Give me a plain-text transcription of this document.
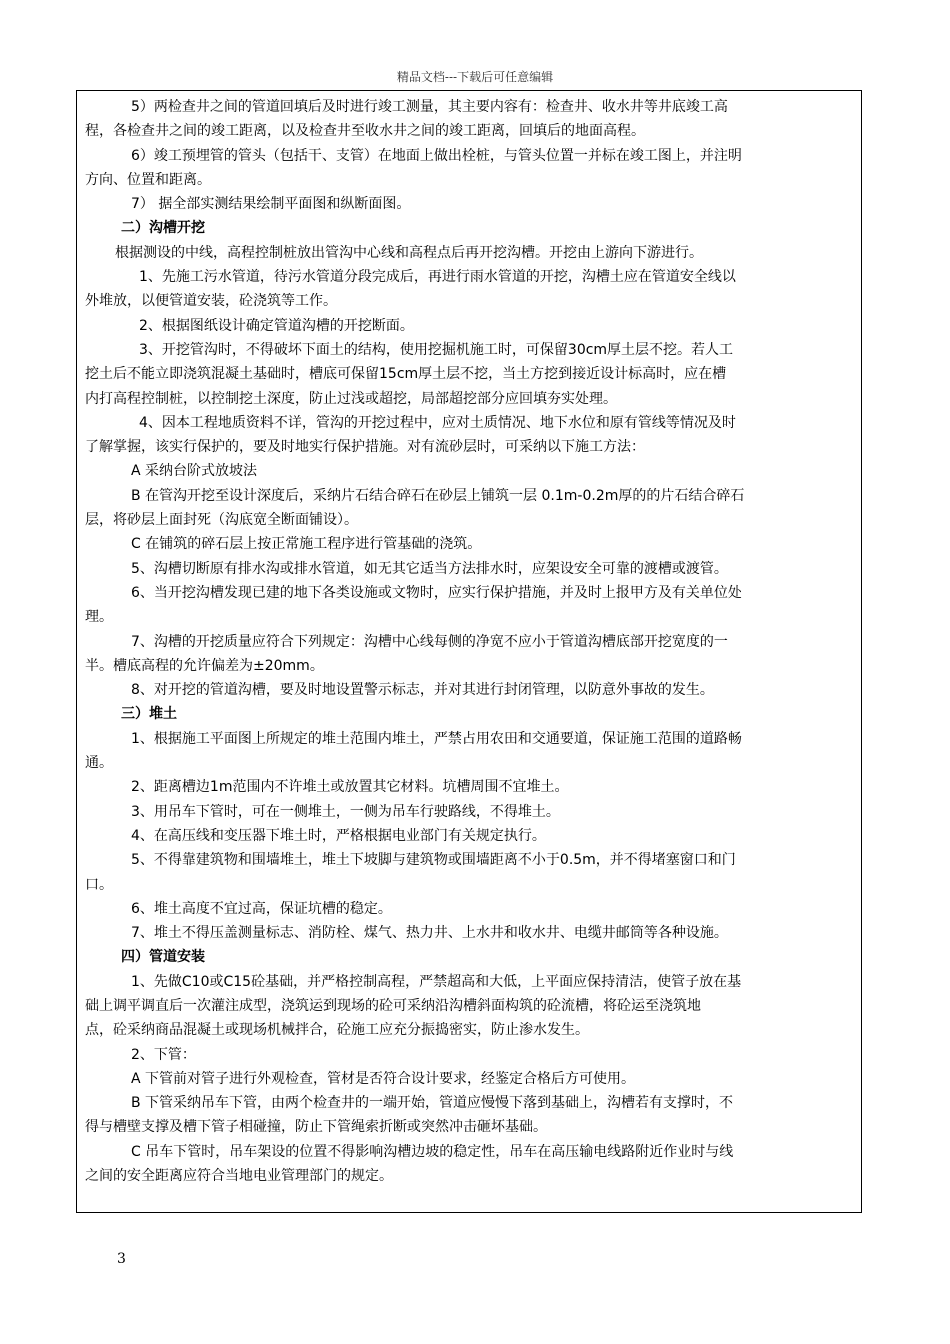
精品文档---下载后可任意编辑
5）两检查井之间的管道回填后及时进行竣工测量，其主要内容有：检查井、收水井等井底竣工高
程，各检查井之间的竣工距离，以及检查井至收水井之间的竣工距离，回填后的地面高程。
6）竣工预埋管的管头（包括干、支管）在地面上做出栓桩，与管头位置一并标在竣工图上，并注明
方向、位置和距离。
7） 据全部实测结果绘制平面图和纵断面图。
二）沟槽开挖
根据测设的中线，高程控制桩放出管沟中心线和高程点后再开挖沟槽。开挖由上游向下游进行。
1、先施工污水管道，待污水管道分段完成后，再进行雨水管道的开挖，沟槽土应在管道安全线以
外堆放，以便管道安装，砼浇筑等工作。
2、根据图纸设计确定管道沟槽的开挖断面。
3、开挖管沟时，不得破坏下面土的结构，使用挖掘机施工时，可保留30cm厚土层不挖。若人工
挖土后不能立即浇筑混凝土基础时，槽底可保留15cm厚土层不挖，当土方挖到接近设计标高时，应在槽
内打高程控制桩，以控制挖土深度，防止过浅或超挖，局部超挖部分应回填夯实处理。
4、因本工程地质资料不详，管沟的开挖过程中，应对土质情况、地下水位和原有管线等情况及时
了解掌握，该实行保护的，要及时地实行保护措施。对有流砂层时，可采纳以下施工方法：
A 采纳台阶式放坡法
B 在管沟开挖至设计深度后，采纳片石结合碎石在砂层上铺筑一层 0.1m-0.2m厚的的片石结合碎石
层，将砂层上面封死（沟底宽全断面铺设）。
C 在铺筑的碎石层上按正常施工程序进行管基础的浇筑。
5、沟槽切断原有排水沟或排水管道，如无其它适当方法排水时，应架设安全可靠的渡槽或渡管。
6、当开挖沟槽发现已建的地下各类设施或文物时，应实行保护措施，并及时上报甲方及有关单位处
理。
7、沟槽的开挖质量应符合下列规定：沟槽中心线每侧的净宽不应小于管道沟槽底部开挖宽度的一
半。槽底高程的允许偏差为±20mm。
8、对开挖的管道沟槽，要及时地设置警示标志，并对其进行封闭管理，以防意外事故的发生。
三）堆土
1、根据施工平面图上所规定的堆土范围内堆土，严禁占用农田和交通要道，保证施工范围的道路畅
通。
2、距离槽边1m范围内不许堆土或放置其它材料。坑槽周围不宜堆土。
3、用吊车下管时，可在一侧堆土，一侧为吊车行驶路线，不得堆土。
4、在高压线和变压器下堆土时，严格根据电业部门有关规定执行。
5、不得靠建筑物和围墙堆土，堆土下坡脚与建筑物或围墙距离不小于0.5m，并不得堵塞窗口和门
口。
6、堆土高度不宜过高，保证坑槽的稳定。
7、堆土不得压盖测量标志、消防栓、煤气、热力井、上水井和收水井、电缆井邮筒等各种设施。
四）管道安装
1、先做C10或C15砼基础，并严格控制高程，严禁超高和大低，上平面应保持清洁，使管子放在基
础上调平调直后一次灌注成型，浇筑运到现场的砼可采纳沿沟槽斜面构筑的砼流槽，将砼运至浇筑地
点，砼采纳商品混凝土或现场机械拌合，砼施工应充分振捣密实，防止渗水发生。
2、下管：
A 下管前对管子进行外观检查，管材是否符合设计要求，经鉴定合格后方可使用。
B 下管采纳吊车下管，由两个检查井的一端开始，管道应慢慢下落到基础上，沟槽若有支撑时，不
得与槽壁支撑及槽下管子相碰撞，防止下管绳索折断或突然冲击砸坏基础。
C 吊车下管时，吊车架设的位置不得影响沟槽边坡的稳定性，吊车在高压输电线路附近作业时与线
之间的安全距离应符合当地电业管理部门的规定。
3
